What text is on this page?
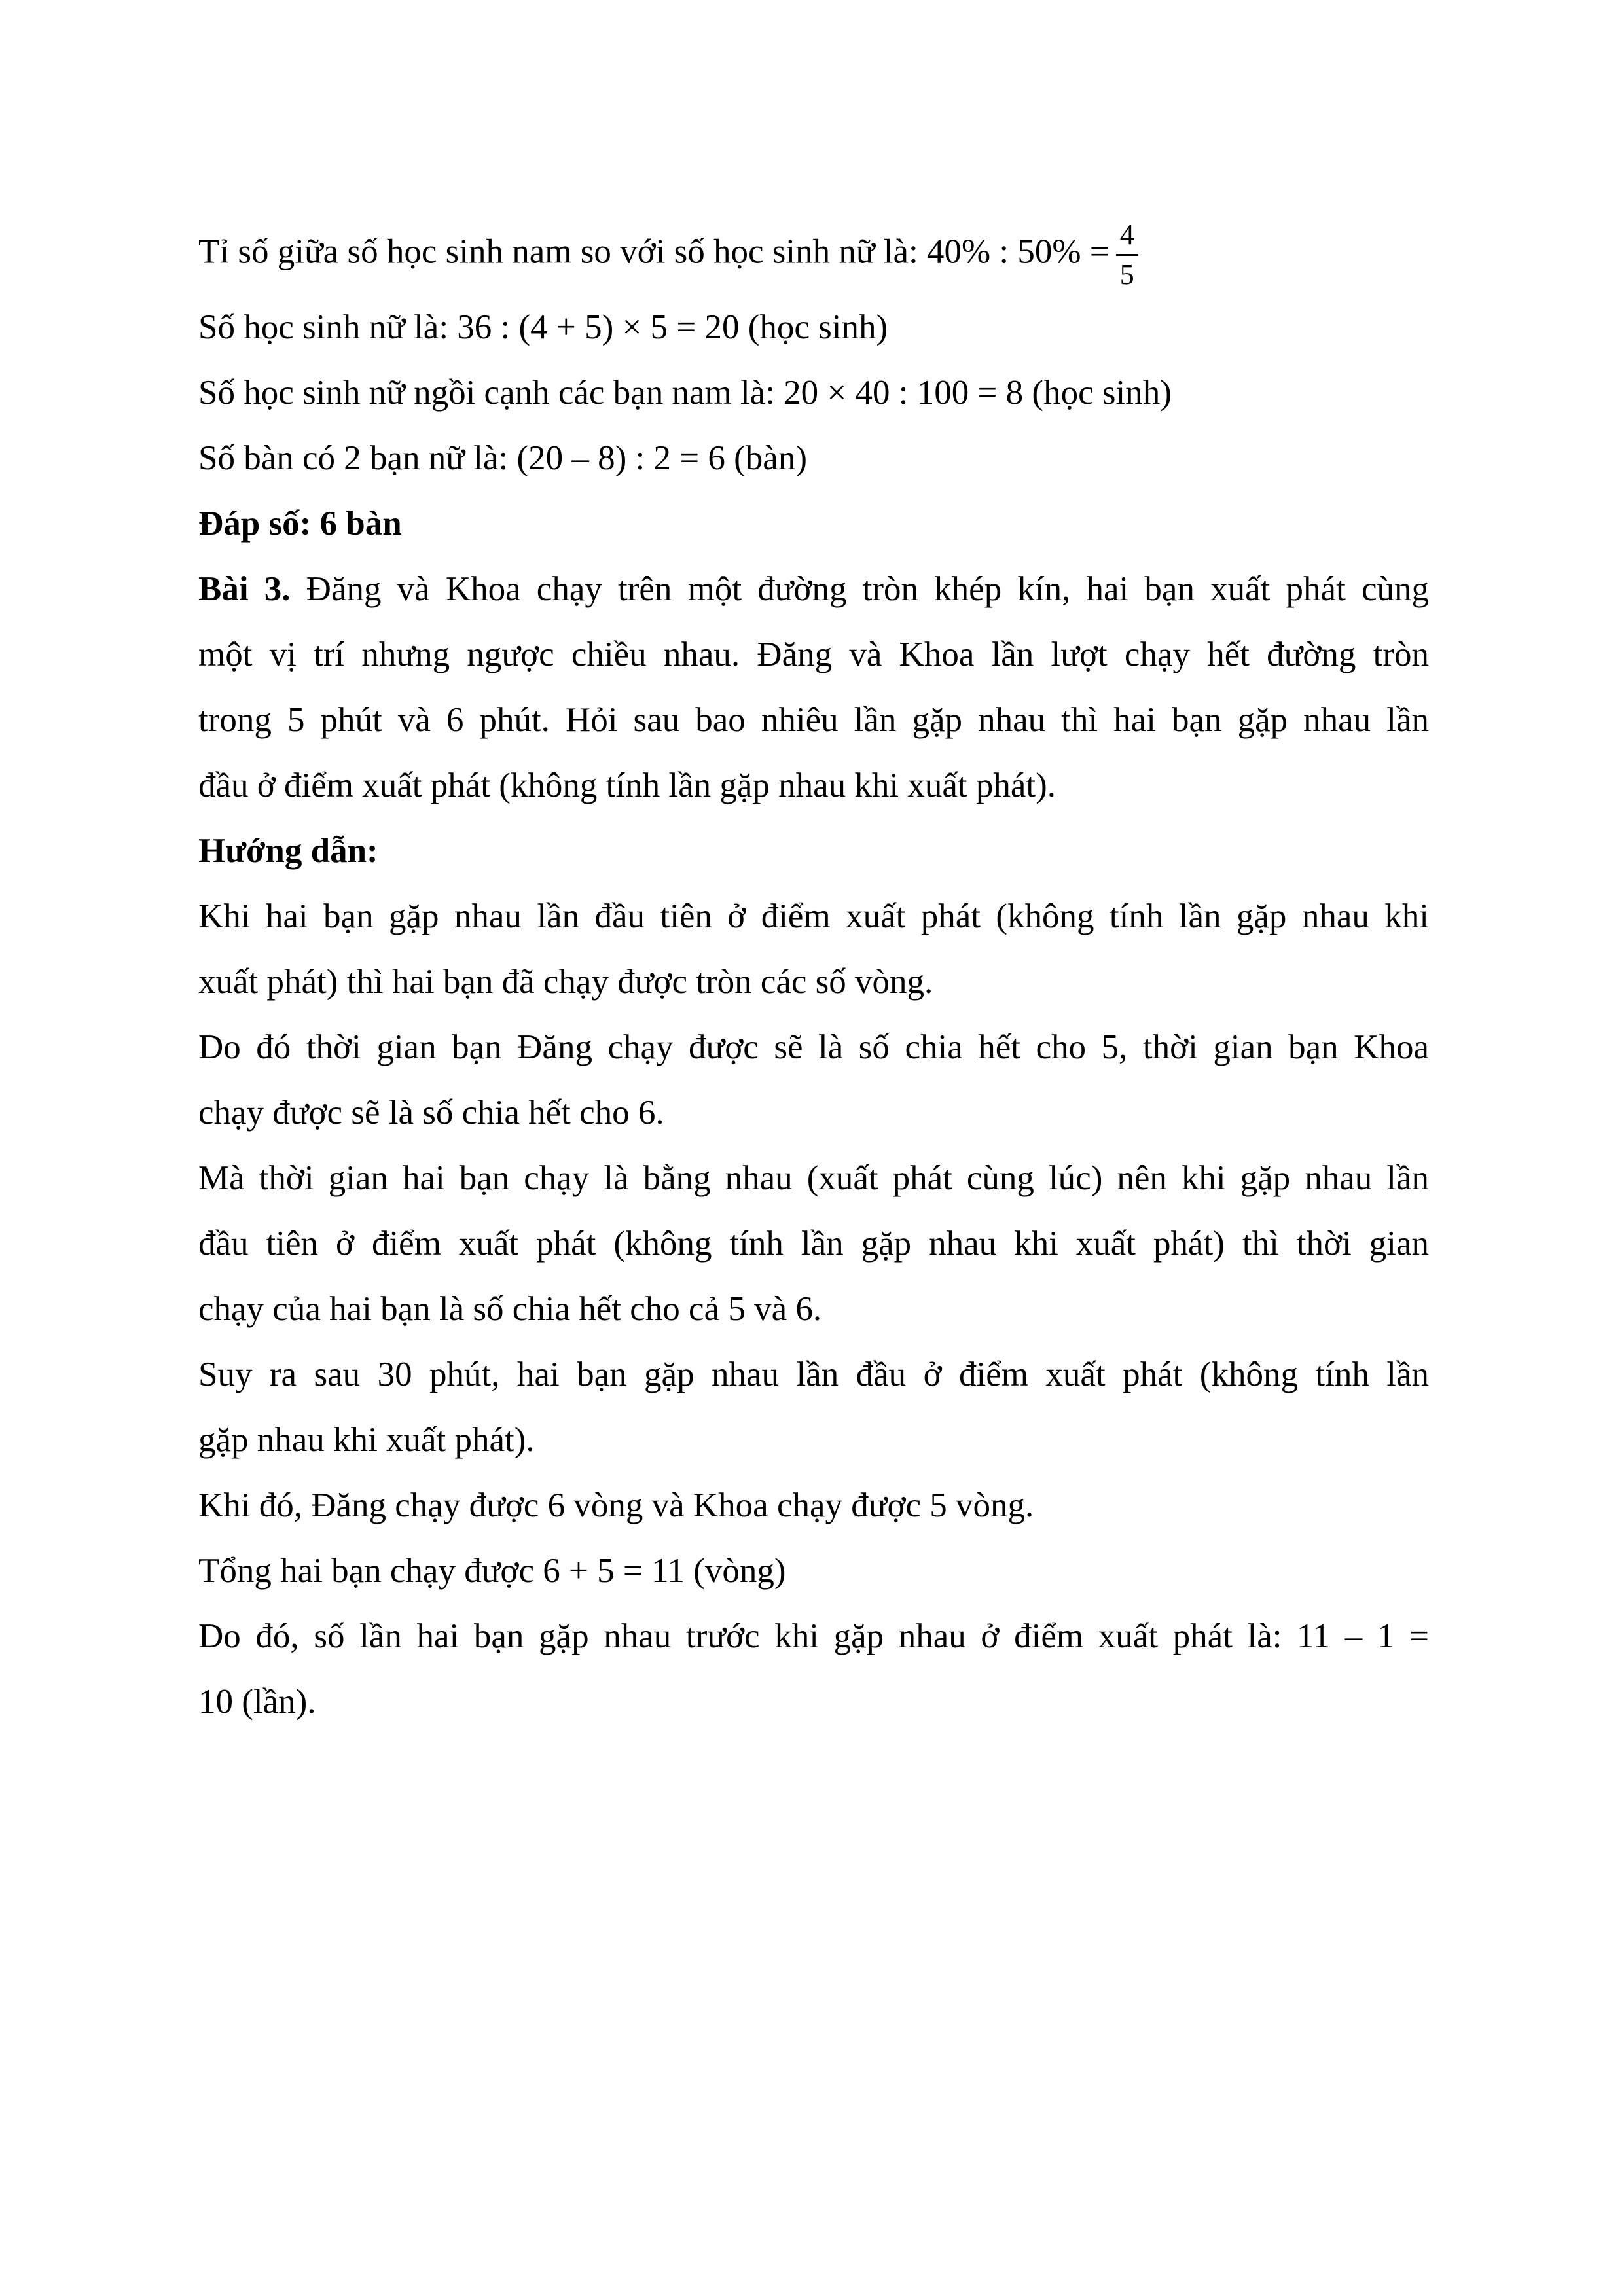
Tỉ số giữa số học sinh nam so với số học sinh nữ là: 40% : $50\% = \frac{4}{5}$
Số học sinh nữ là: 36 : (4 + 5) × 5 = 20 (học sinh)
Số học sinh nữ ngồi cạnh các bạn nam là: 20 × 40 : 100 = 8 (học sinh)
Số bàn có 2 bạn nữ là: (20 – 8) : 2 = 6 (bàn)
Đáp số: 6 bàn
Bài 3. Đăng và Khoa chạy trên một đường tròn khép kín, hai bạn xuất phát cùng
một vị trí nhưng ngược chiều nhau. Đăng và Khoa lần lượt chạy hết đường tròn
trong 5 phút và 6 phút. Hỏi sau bao nhiêu lần gặp nhau thì hai bạn gặp nhau lần
đầu ở điểm xuất phát (không tính lần gặp nhau khi xuất phát).
Hướng dẫn:
Khi hai bạn gặp nhau lần đầu tiên ở điểm xuất phát (không tính lần gặp nhau khi
xuất phát) thì hai bạn đã chạy được tròn các số vòng.
Do đó thời gian bạn Đăng chạy được sẽ là số chia hết cho 5, thời gian bạn Khoa
chạy được sẽ là số chia hết cho 6.
Mà thời gian hai bạn chạy là bằng nhau (xuất phát cùng lúc) nên khi gặp nhau lần
đầu tiên ở điểm xuất phát (không tính lần gặp nhau khi xuất phát) thì thời gian
chạy của hai bạn là số chia hết cho cả 5 và 6.
Suy ra sau 30 phút, hai bạn gặp nhau lần đầu ở điểm xuất phát (không tính lần
gặp nhau khi xuất phát).
Khi đó, Đăng chạy được 6 vòng và Khoa chạy được 5 vòng.
Tổng hai bạn chạy được 6 + 5 = 11 (vòng)
Do đó, số lần hai bạn gặp nhau trước khi gặp nhau ở điểm xuất phát là: 11 – 1 =
10 (lần).
